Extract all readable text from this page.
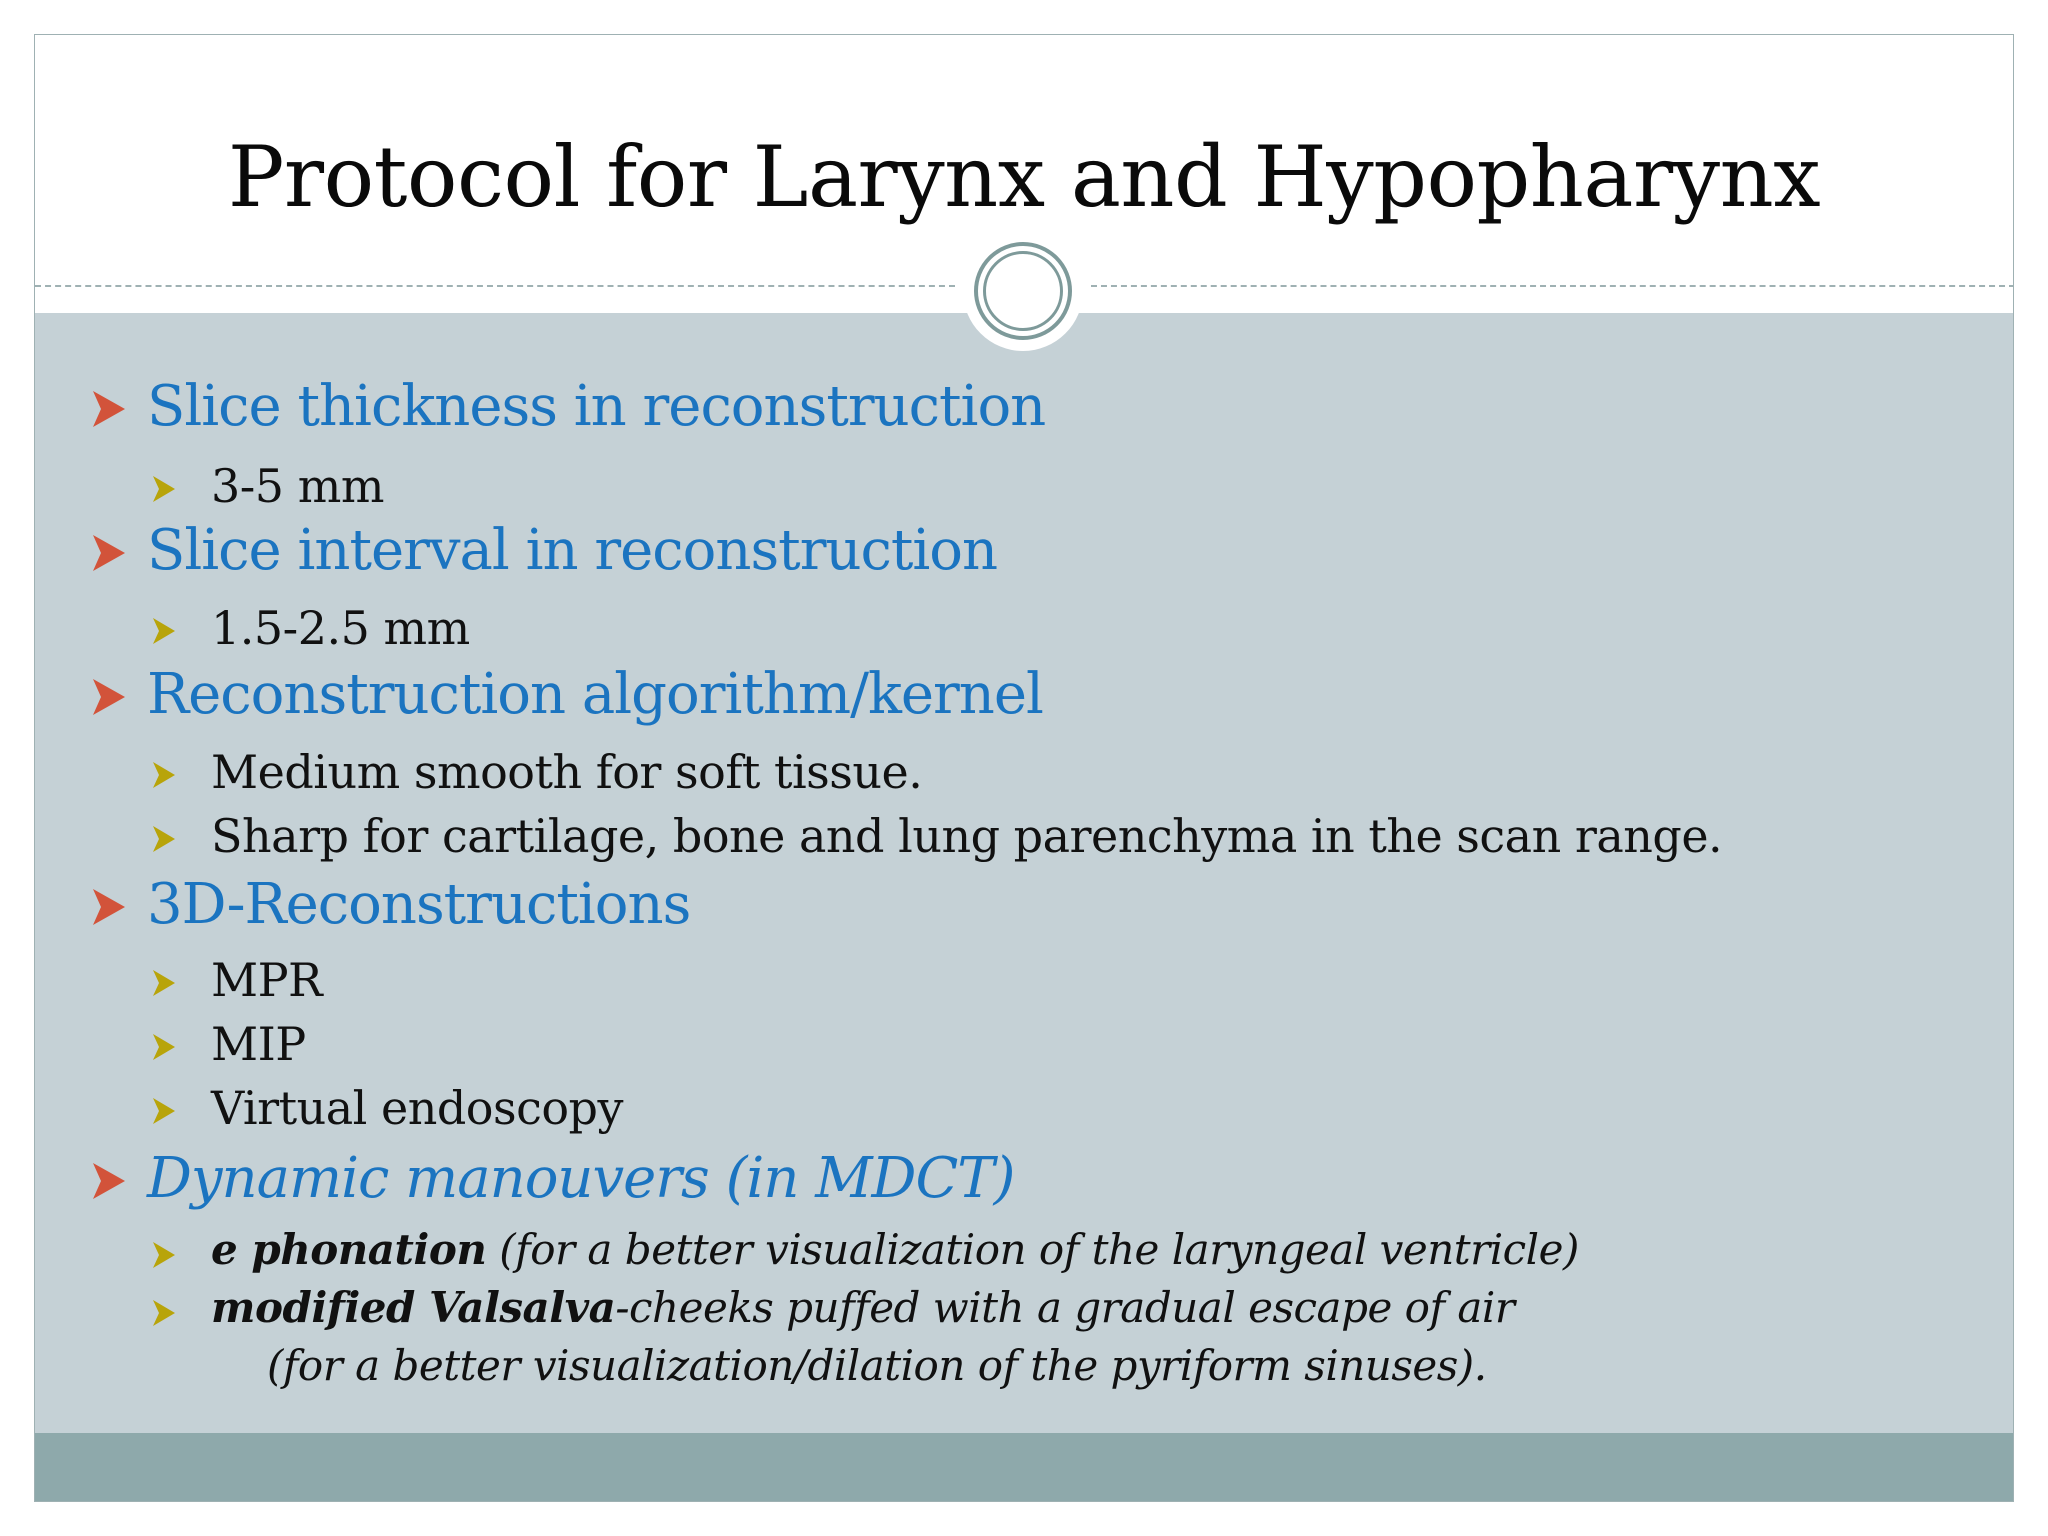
Protocol for Larynx and Hypopharynx
Slice thickness in reconstruction
3-5 mm
Slice interval in reconstruction
1.5-2.5 mm
Reconstruction algorithm/kernel
Medium smooth for soft tissue.
Sharp for cartilage, bone and lung parenchyma in the scan range.
3D-Reconstructions
MPR
MIP
Virtual endoscopy
Dynamic manouvers (in MDCT)
e phonation (for a better visualization of the laryngeal ventricle)
modified Valsalva-cheeks puffed with a gradual escape of air
(for a better visualization/dilation of the pyriform sinuses).
